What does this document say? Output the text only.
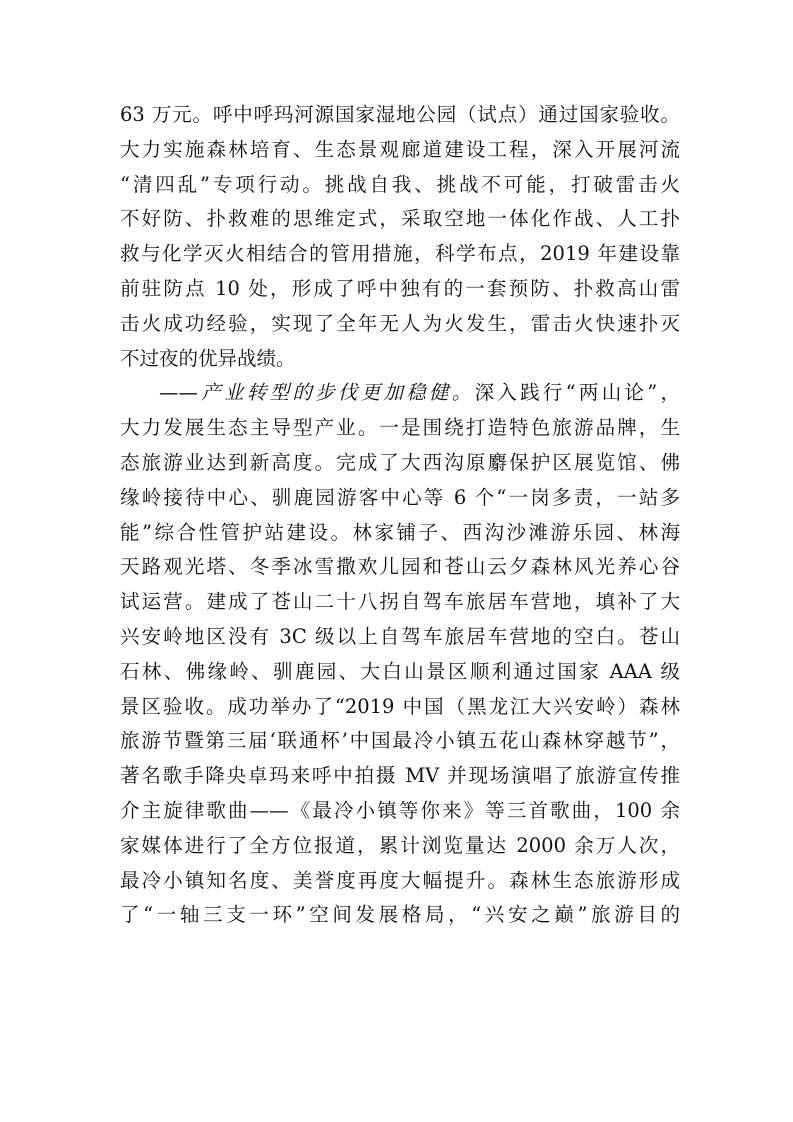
63 万元。呼中呼玛河源国家湿地公园（试点）通过国家验收。
大力实施森林培育、生态景观廊道建设工程，深入开展河流
“清四乱”专项行动。挑战自我、挑战不可能，打破雷击火
不好防、扑救难的思维定式，采取空地一体化作战、人工扑
救与化学灭火相结合的管用措施，科学布点，2019 年建设靠
前驻防点 10 处，形成了呼中独有的一套预防、扑救高山雷
击火成功经验，实现了全年无人为火发生，雷击火快速扑灭
不过夜的优异战绩。
——产业转型的步伐更加稳健。深入践行“两山论”，
大力发展生态主导型产业。一是围绕打造特色旅游品牌，生
态旅游业达到新高度。完成了大西沟原麝保护区展览馆、佛
缘岭接待中心、驯鹿园游客中心等 6 个“一岗多责，一站多
能”综合性管护站建设。林家铺子、西沟沙滩游乐园、林海
天路观光塔、冬季冰雪撒欢儿园和苍山云夕森林风光养心谷
试运营。建成了苍山二十八拐自驾车旅居车营地，填补了大
兴安岭地区没有 3C 级以上自驾车旅居车营地的空白。苍山
石林、佛缘岭、驯鹿园、大白山景区顺利通过国家 AAA 级
景区验收。成功举办了“2019 中国（黑龙江大兴安岭）森林
旅游节暨第三届‘联通杯’中国最冷小镇五花山森林穿越节”，
著名歌手降央卓玛来呼中拍摄 MV 并现场演唱了旅游宣传推
介主旋律歌曲——《最冷小镇等你来》等三首歌曲，100 余
家媒体进行了全方位报道，累计浏览量达 2000 余万人次，
最冷小镇知名度、美誉度再度大幅提升。森林生态旅游形成
了“一轴三支一环”空间发展格局，“兴安之巅”旅游目的
